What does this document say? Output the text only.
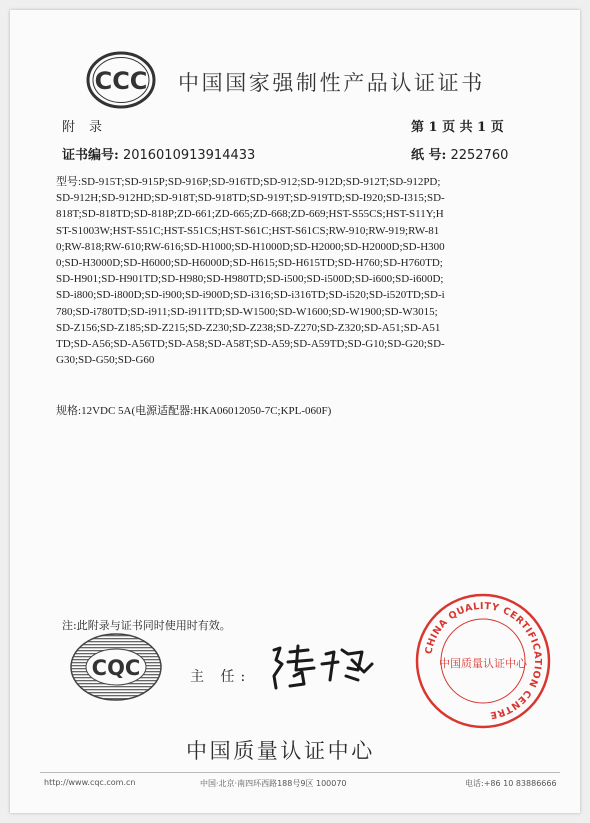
CCC 中国国家强制性产品认证证书
附录	第 1 页 共 1 页
证书编号: 2016010913914433	纸 号: 2252760
型号:SD-915T;SD-915P;SD-916P;SD-916TD;SD-912;SD-912D;SD-912T;SD-912PD;SD-912H;SD-912HD;SD-918T;SD-918TD;SD-919T;SD-919TD;SD-I920;SD-I315;SD-818T;SD-818TD;SD-818P;ZD-661;ZD-665;ZD-668;ZD-669;HST-S55CS;HST-S11Y;HST-S1003W;HST-S51C;HST-S51CS;HST-S61C;HST-S61CS;RW-910;RW-919;RW-810;RW-818;RW-610;RW-616;SD-H1000;SD-H1000D;SD-H2000;SD-H2000D;SD-H3000;SD-H3000D;SD-H6000;SD-H6000D;SD-H615;SD-H615TD;SD-H760;SD-H760TD;SD-H901;SD-H901TD;SD-H980;SD-H980TD;SD-i500;SD-i500D;SD-i600;SD-i600D;SD-i800;SD-i800D;SD-i900;SD-i900D;SD-i316;SD-i316TD;SD-i520;SD-i520TD;SD-i780;SD-i780TD;SD-i911;SD-i911TD;SD-W1500;SD-W1600;SD-W1900;SD-W3015; SD-Z156;SD-Z185;SD-Z215;SD-Z230;SD-Z238;SD-Z270;SD-Z320;SD-A51;SD-A51TD;SD-A56;SD-A56TD;SD-A58;SD-A58T;SD-A59;SD-A59TD;SD-G10;SD-G20;SD-G30;SD-G50;SD-G60
规格:12VDC 5A(电源适配器:HKA06012050-7C;KPL-060F)
注:此附录与证书同时使用时有效。
CQC	主 任:
CHINA QUALITY CERTIFICATION CENTRE
中国质量认证中心
中国质量认证中心
http://www.cqc.com.cn	中国·北京·南四环西路188号9区 100070	电话:+86 10 83886666
